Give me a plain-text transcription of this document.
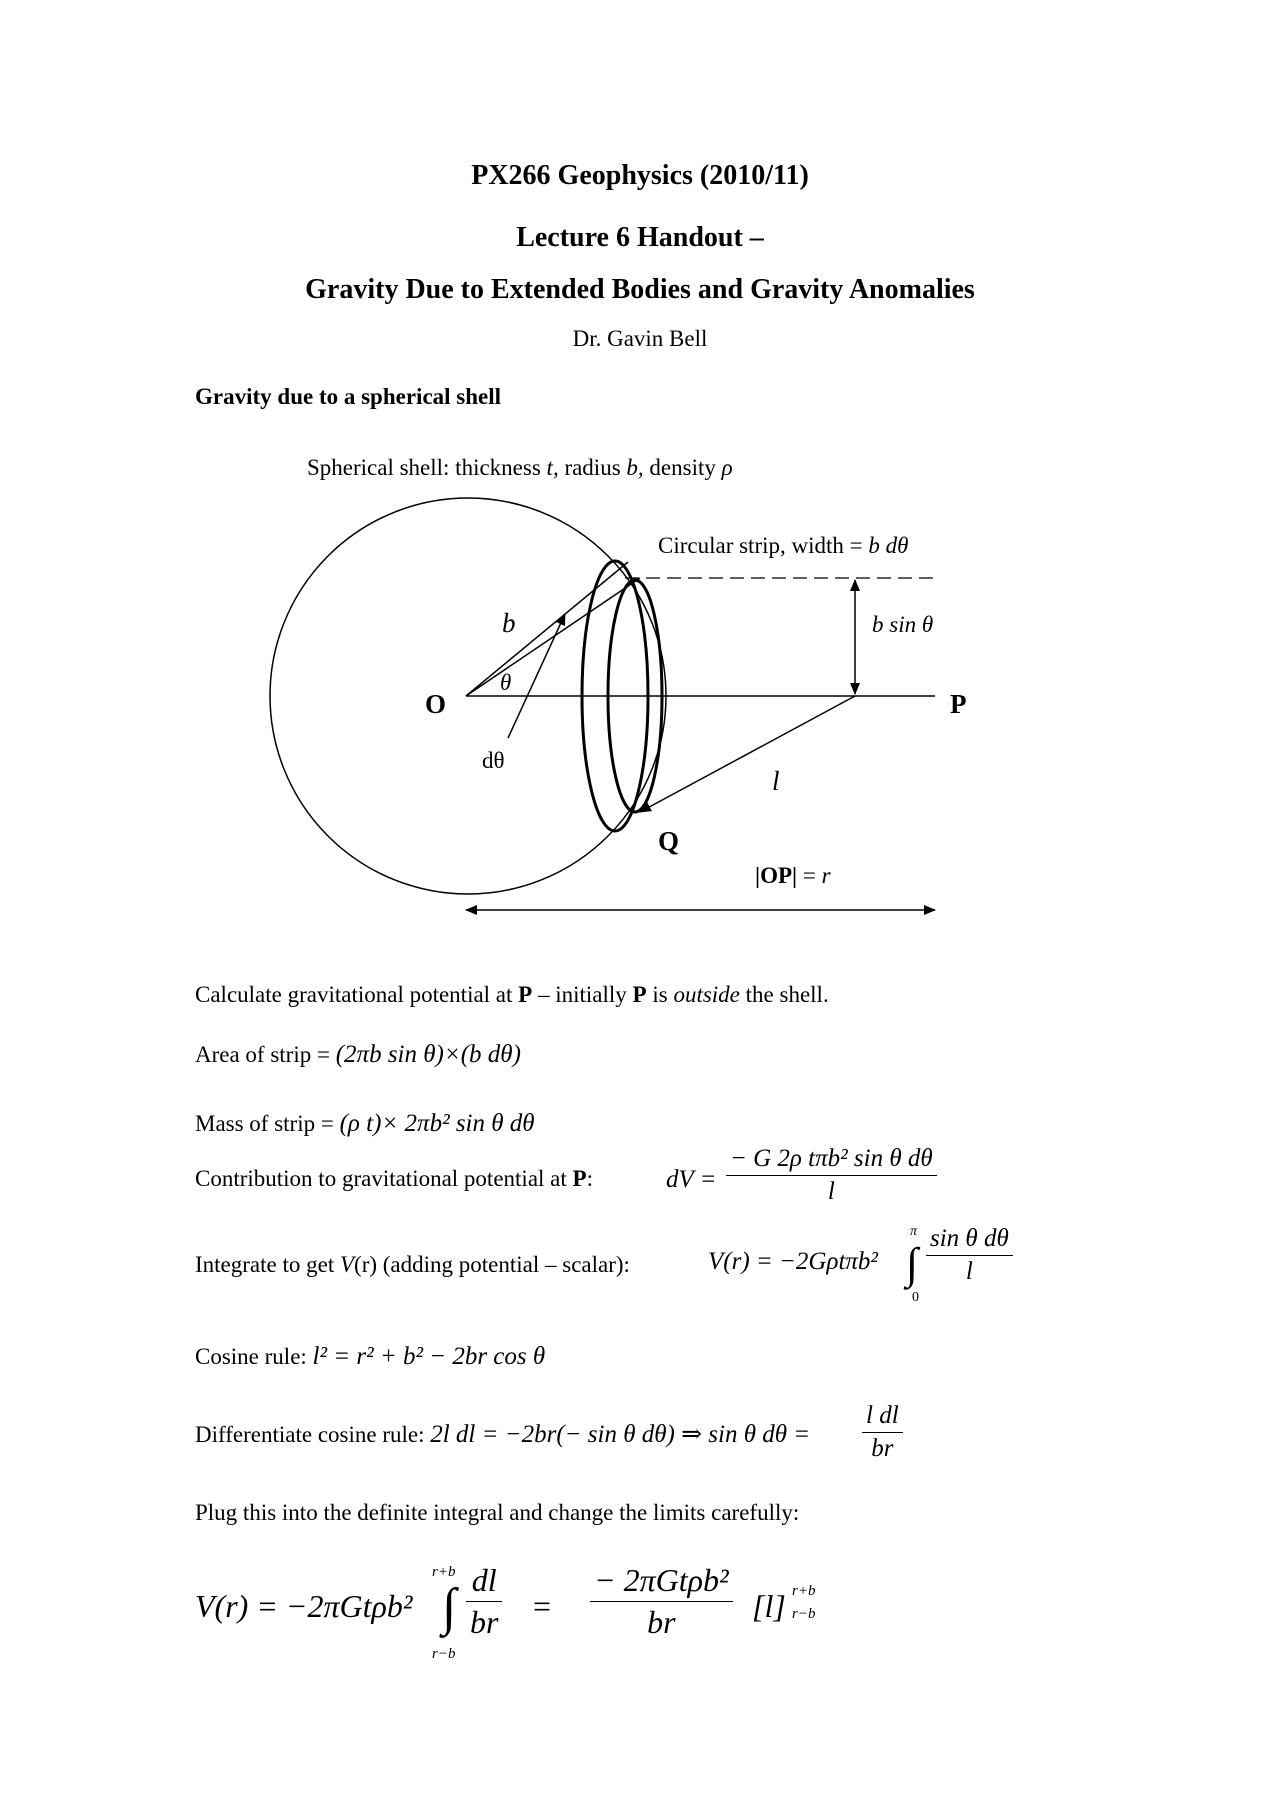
PX266 Geophysics (2010/11)
Lecture 6 Handout –
Gravity Due to Extended Bodies and Gravity Anomalies
Dr. Gavin Bell
Gravity due to a spherical shell
Spherical shell: thickness t, radius b, density ρ
Circular strip, width = b dθ
b
θ
dθ
O	P
Q
l
b sin θ
|OP| = r
Calculate gravitational potential at P – initially P is outside the shell.
Area of strip = (2πb sin θ)×(b dθ)
Mass of strip = (ρ t)× 2πb² sin θ dθ
Contribution to gravitational potential at P:	dV = $\frac{\text{− G 2ρ tπb² sin θ dθ}}{l}$
Integrate to get V(r) (adding potential – scalar):	V(r) = −2Gρtπb²
π
∫
0
$\frac{\text{sin θ dθ}}{l}$
Cosine rule: l² = r² + b² − 2br cos θ
Differentiate cosine rule: 2l dl = −2br(− sin θ dθ) ⇒ sin θ $d\theta = \frac{\text{l dl}}{br}$
Plug this into the definite integral and change the limits carefully:
V(r) = −2πGtρb²
r+b
∫
r−b
$\frac{dl}{br} = \frac{\text{− 2πGtρb²}}{br} [l]$ r+b
r−b
